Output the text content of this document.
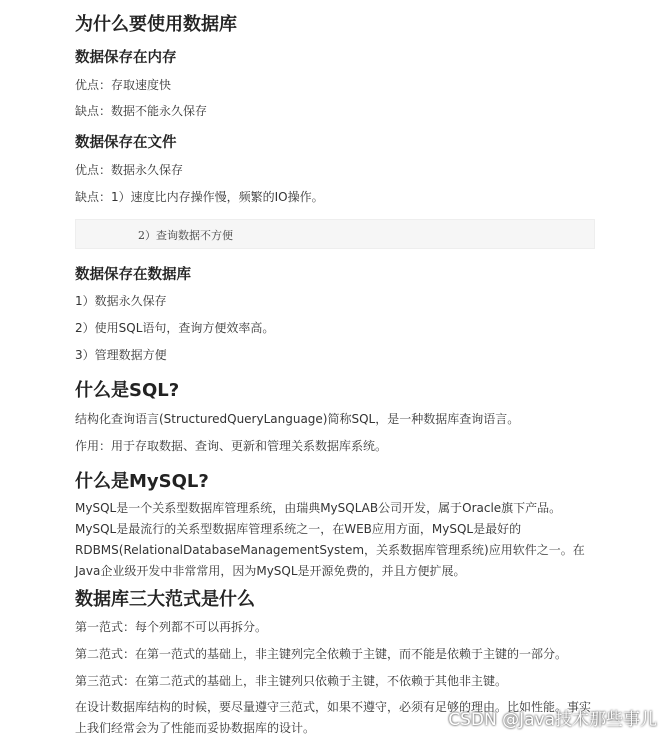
为什么要使用数据库
数据保存在内存
优点：存取速度快
缺点：数据不能永久保存
数据保存在文件
优点：数据永久保存
缺点：1）速度比内存操作慢，频繁的IO操作。
2）查询数据不方便
数据保存在数据库
1）数据永久保存
2）使用SQL语句，查询方便效率高。
3）管理数据方便
什么是SQL?
结构化查询语言(StructuredQueryLanguage)简称SQL，是一种数据库查询语言。
作用：用于存取数据、查询、更新和管理关系数据库系统。
什么是MySQL?
MySQL是一个关系型数据库管理系统，由瑞典MySQLAB公司开发，属于Oracle旗下产品。MySQL是最流行的关系型数据库管理系统之一，在WEB应用方面，MySQL是最好的RDBMS(RelationalDatabaseManagementSystem，关系数据库管理系统)应用软件之一。在Java企业级开发中非常常用，因为MySQL是开源免费的，并且方便扩展。
数据库三大范式是什么
第一范式：每个列都不可以再拆分。
第二范式：在第一范式的基础上，非主键列完全依赖于主键，而不能是依赖于主键的一部分。
第三范式：在第二范式的基础上，非主键列只依赖于主键，不依赖于其他非主键。
在设计数据库结构的时候，要尽量遵守三范式，如果不遵守，必须有足够的理由。比如性能。事实上我们经常会为了性能而妥协数据库的设计。	CSDN @Java技术那些事儿
